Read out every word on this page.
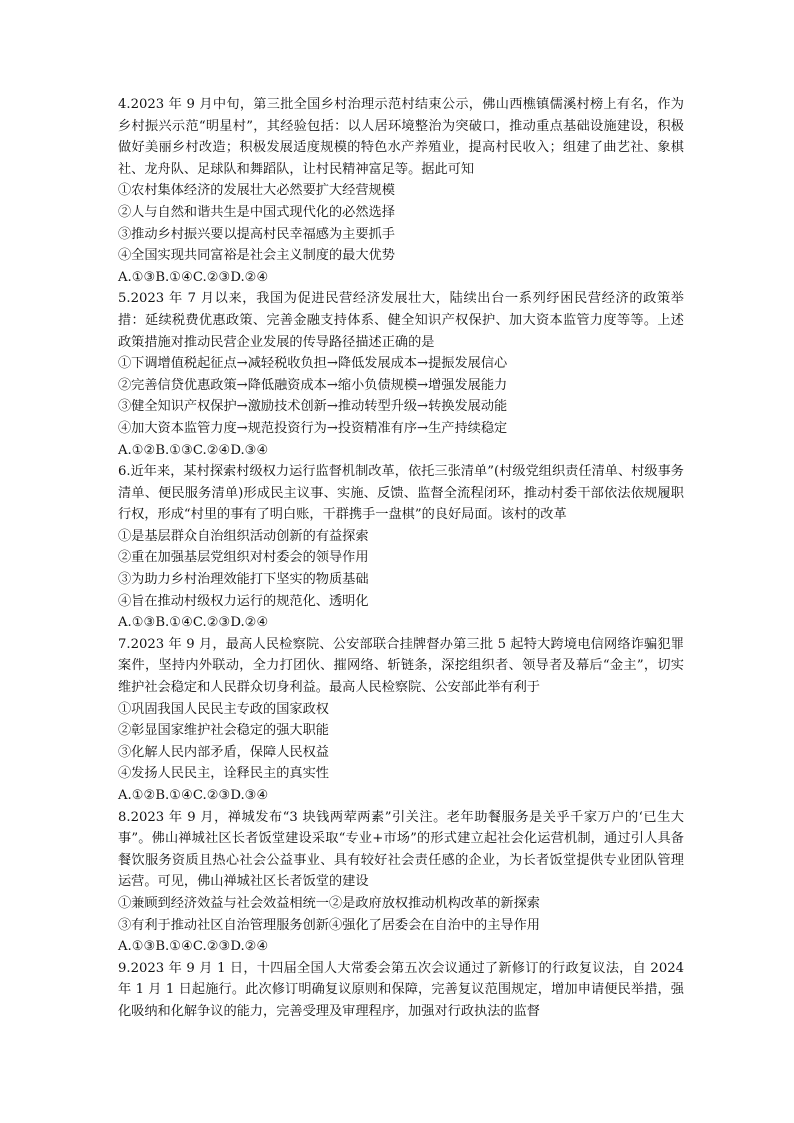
4.2023 年 9 月中旬，第三批全国乡村治理示范村结束公示，佛山西樵镇儒溪村榜上有名，作为乡村振兴示范“明星村”，其经验包括：以人居环境整治为突破口，推动重点基础设施建设，积极做好美丽乡村改造；积极发展适度规模的特色水产养殖业，提高村民收入；组建了曲艺社、象棋社、龙舟队、足球队和舞蹈队，让村民精神富足等。据此可知

①农村集体经济的发展壮大必然要扩大经营规模

②人与自然和谐共生是中国式现代化的必然选择

③推动乡村振兴要以提高村民幸福感为主要抓手

④全国实现共同富裕是社会主义制度的最大优势

A.①③B.①④C.②③D.②④

5.2023 年 7 月以来，我国为促进民营经济发展壮大，陆续出台一系列纾困民营经济的政策举措：延续税费优惠政策、完善金融支持体系、健全知识产权保护、加大资本监管力度等等。上述政策措施对推动民营企业发展的传导路径描述正确的是

①下调增值税起征点→减轻税收负担→降低发展成本→提振发展信心

②完善信贷优惠政策→降低融资成本→缩小负债规模→增强发展能力

③健全知识产权保护→激励技术创新→推动转型升级→转换发展动能

④加大资本监管力度→规范投资行为→投资精准有序→生产持续稳定

A.①②B.①③C.②④D.③④

6.近年来，某村探索村级权力运行监督机制改革，依托三张清单”(村级党组织责任清单、村级事务清单、便民服务清单)形成民主议事、实施、反馈、监督全流程闭环，推动村委干部依法依规履职行权，形成“村里的事有了明白账，干群携手一盘棋”的良好局面。该村的改革

①是基层群众自治组织活动创新的有益探索

②重在加强基层党组织对村委会的领导作用

③为助力乡村治理效能打下坚实的物质基础

④旨在推动村级权力运行的规范化、透明化

A.①③B.①④C.②③D.②④

7.2023 年 9 月，最高人民检察院、公安部联合挂牌督办第三批 5 起特大跨境电信网络诈骗犯罪案件，坚持内外联动，全力打团伙、摧网络、斩链条，深挖组织者、领导者及幕后“金主”，切实维护社会稳定和人民群众切身利益。最高人民检察院、公安部此举有利于

①巩固我国人民民主专政的国家政权

②彰显国家维护社会稳定的强大职能

③化解人民内部矛盾，保障人民权益

④发扬人民民主，诠释民主的真实性

A.①②B.①④C.②③D.③④

8.2023 年 9 月，禅城发布“3 块钱两荤两素”引关注。老年助餐服务是关乎千家万户的‘已生大事”。佛山禅城社区长者饭堂建设采取“专业+市场”的形式建立起社会化运营机制，通过引人具备餐饮服务资质且热心社会公益事业、具有较好社会责任感的企业，为长者饭堂提供专业团队管理运营。可见，佛山禅城社区长者饭堂的建设

①兼顾到经济效益与社会效益相统一②是政府放权推动机构改革的新探索

③有利于推动社区自治管理服务创新④强化了居委会在自治中的主导作用

A.①③B.①④C.②③D.②④

9.2023 年 9 月 1 日，十四届全国人大常委会第五次会议通过了新修订的行政复议法，自 2024 年 1 月 1 日起施行。此次修订明确复议原则和保障，完善复议范围规定，增加申请便民举措，强化吸纳和化解争议的能力，完善受理及审理程序，加强对行政执法的监督
